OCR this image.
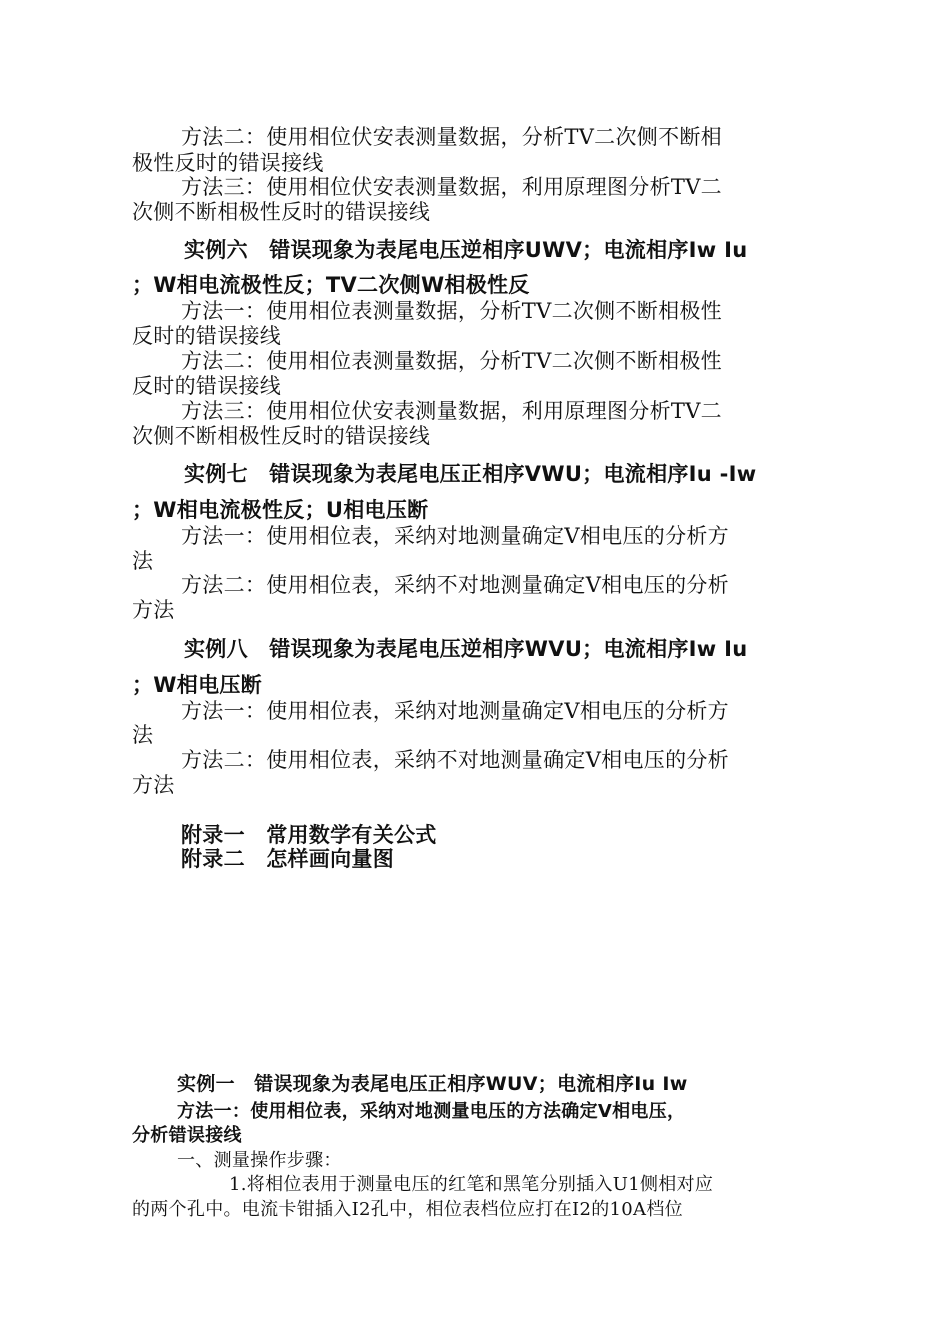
方法二：使用相位伏安表测量数据，分析TV二次侧不断相
极性反时的错误接线
方法三：使用相位伏安表测量数据，利用原理图分析TV二
次侧不断相极性反时的错误接线
实例六　错误现象为表尾电压逆相序UWV；电流相序Iw Iu
；W相电流极性反；TV二次侧W相极性反
方法一：使用相位表测量数据，分析TV二次侧不断相极性
反时的错误接线
方法二：使用相位表测量数据，分析TV二次侧不断相极性
反时的错误接线
方法三：使用相位伏安表测量数据，利用原理图分析TV二
次侧不断相极性反时的错误接线
实例七　错误现象为表尾电压正相序VWU；电流相序Iu -Iw
；W相电流极性反；U相电压断
方法一：使用相位表，采纳对地测量确定V相电压的分析方
法
方法二：使用相位表，采纳不对地测量确定V相电压的分析
方法
实例八　错误现象为表尾电压逆相序WVU；电流相序Iw Iu
；W相电压断
方法一：使用相位表，采纳对地测量确定V相电压的分析方
法
方法二：使用相位表，采纳不对地测量确定V相电压的分析
方法
附录一　常用数学有关公式
附录二　怎样画向量图
实例一　错误现象为表尾电压正相序WUV；电流相序Iu Iw
方法一：使用相位表，采纳对地测量电压的方法确定V相电压，
分析错误接线
一、测量操作步骤：
1.将相位表用于测量电压的红笔和黑笔分别插入U1侧相对应
的两个孔中。电流卡钳插入I2孔中，相位表档位应打在I2的10A档位
